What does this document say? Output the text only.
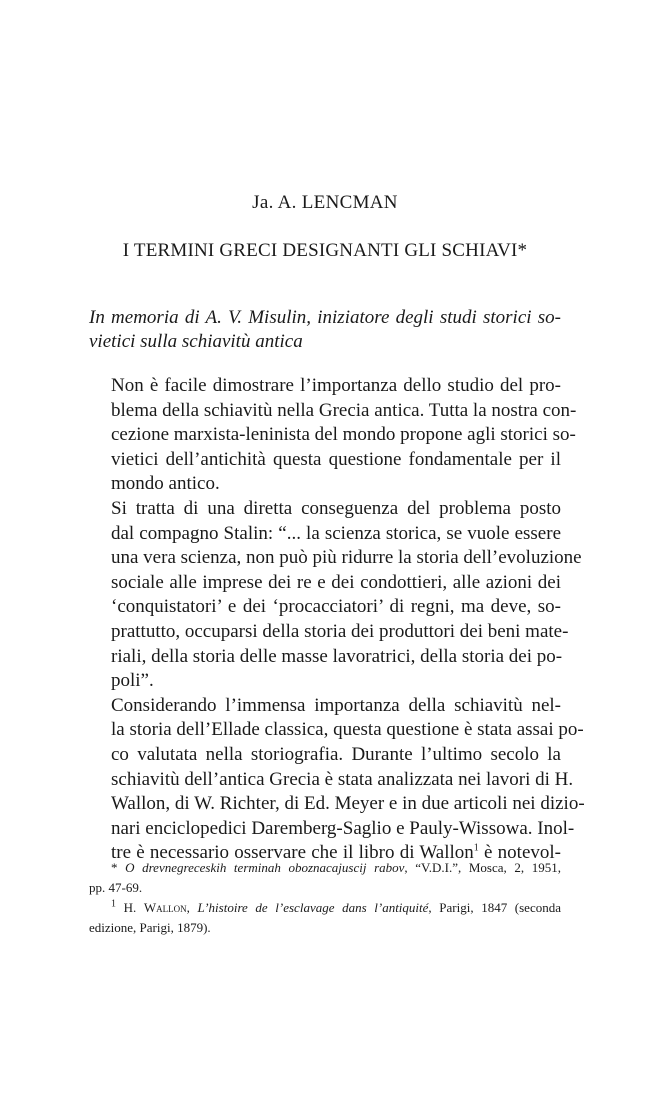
Ja. A. LENCMAN
I TERMINI GRECI DESIGNANTI GLI SCHIAVI*
In memoria di A. V. Misulin, iniziatore degli studi storici so-
vietici sulla schiavitù antica
Non è facile dimostrare l’importanza dello studio del pro-
blema della schiavitù nella Grecia antica. Tutta la nostra con-
cezione marxista-leninista del mondo propone agli storici so-
vietici dell’antichità questa questione fondamentale per il
mondo antico.
Si tratta di una diretta conseguenza del problema posto
dal compagno Stalin: “... la scienza storica, se vuole essere
una vera scienza, non può più ridurre la storia dell’evoluzione
sociale alle imprese dei re e dei condottieri, alle azioni dei
‘conquistatori’ e dei ‘procacciatori’ di regni, ma deve, so-
prattutto, occuparsi della storia dei produttori dei beni mate-
riali, della storia delle masse lavoratrici, della storia dei po-
poli”.
Considerando l’immensa importanza della schiavitù nel-
la storia dell’Ellade classica, questa questione è stata assai po-
co valutata nella storiografia. Durante l’ultimo secolo la
schiavitù dell’antica Grecia è stata analizzata nei lavori di H.
Wallon, di W. Richter, di Ed. Meyer e in due articoli nei dizio-
nari enciclopedici Daremberg-Saglio e Pauly-Wissowa. Inol-
tre è necessario osservare che il libro di Wallon$^1$ è notevol-
* O drevnegreceskih terminah oboznacajuscij rabov, “V.D.I.”, Mosca, 2, 1951,
pp. 47-69.
$^1$ H. Wallon, L’histoire de l’esclavage dans l’antiquité, Parigi, 1847 (seconda
edizione, Parigi, 1879).
